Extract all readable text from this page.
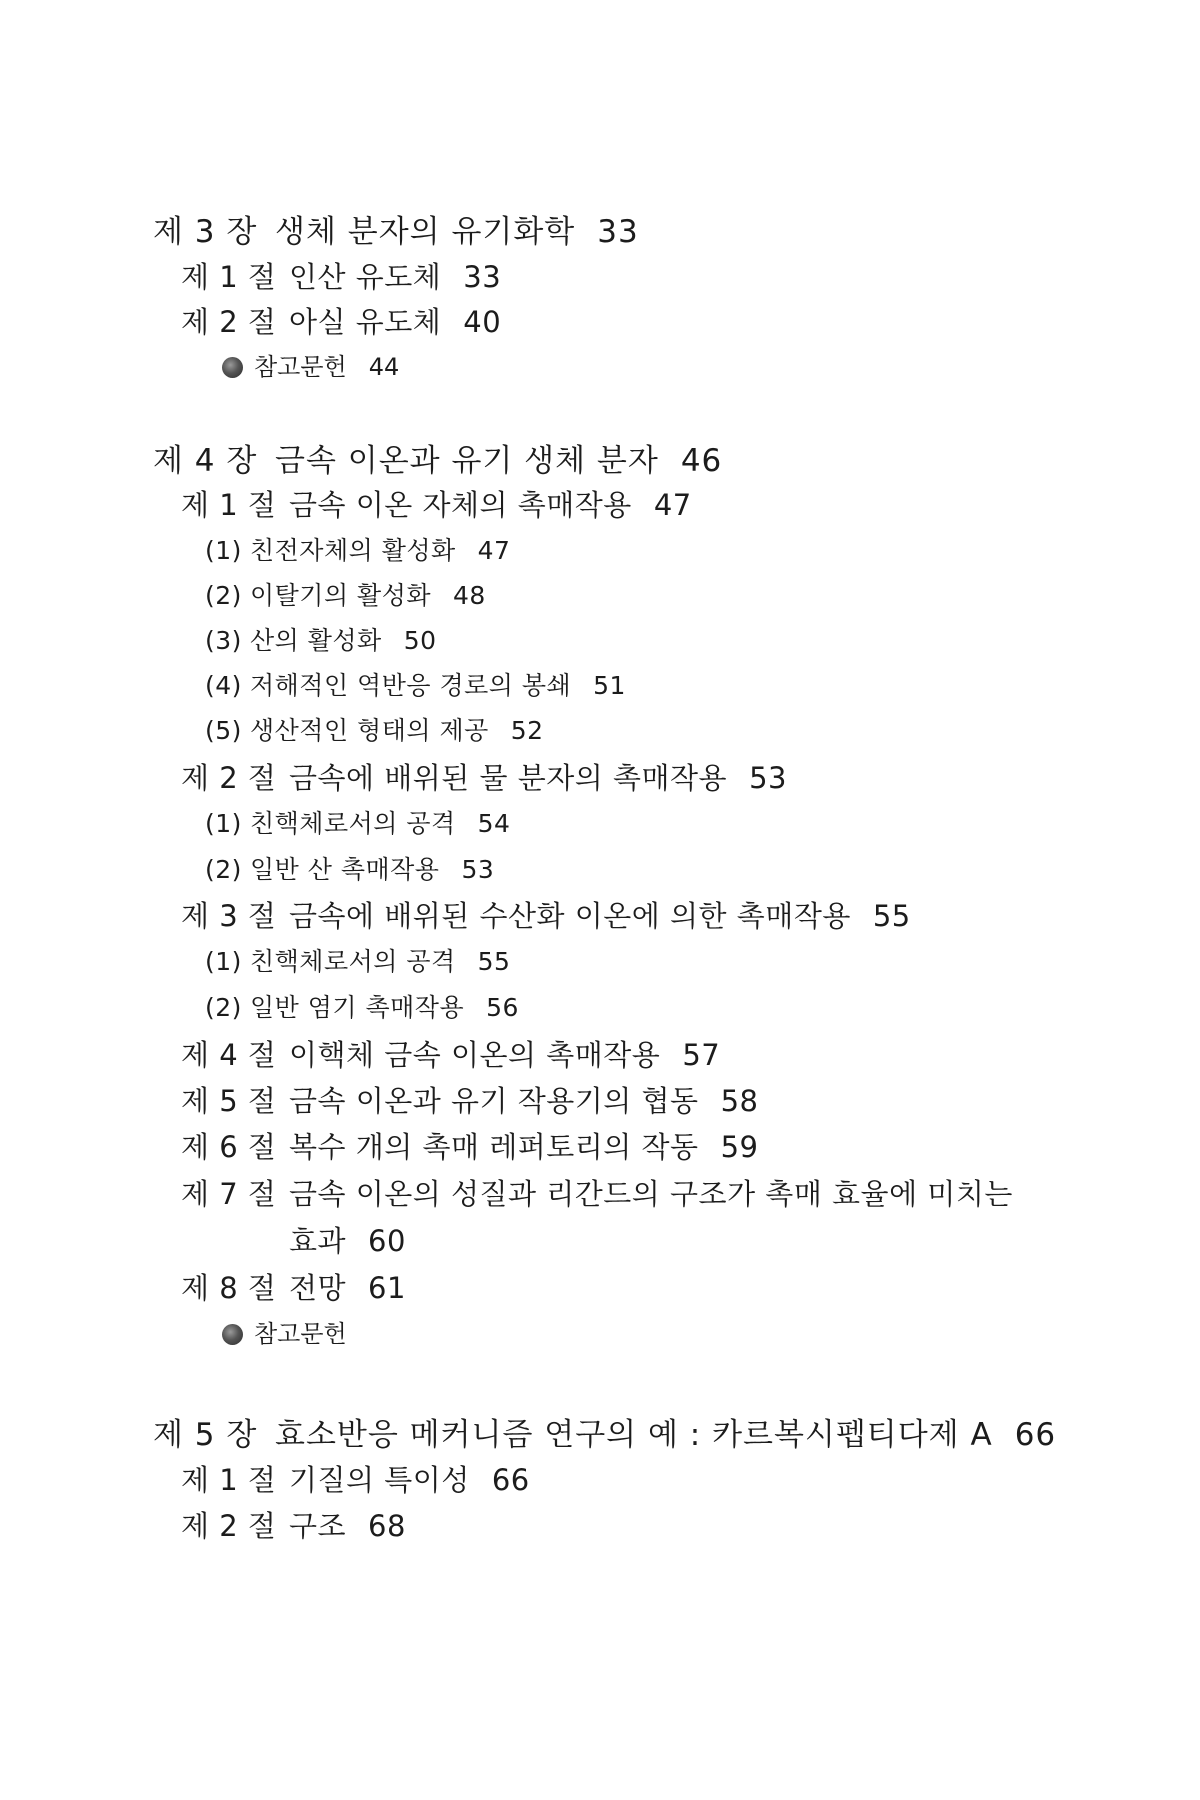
제 3 장 생체 분자의 유기화학 33
제 1 절 인산 유도체 33
제 2 절 아실 유도체 40
참고문헌 44
제 4 장 금속 이온과 유기 생체 분자 46
제 1 절 금속 이온 자체의 촉매작용 47
(1) 친전자체의 활성화 47
(2) 이탈기의 활성화 48
(3) 산의 활성화 50
(4) 저해적인 역반응 경로의 봉쇄 51
(5) 생산적인 형태의 제공 52
제 2 절 금속에 배위된 물 분자의 촉매작용 53
(1) 친핵체로서의 공격 54
(2) 일반 산 촉매작용 53
제 3 절 금속에 배위된 수산화 이온에 의한 촉매작용 55
(1) 친핵체로서의 공격 55
(2) 일반 염기 촉매작용 56
제 4 절 이핵체 금속 이온의 촉매작용 57
제 5 절 금속 이온과 유기 작용기의 협동 58
제 6 절 복수 개의 촉매 레퍼토리의 작동 59
제 7 절 금속 이온의 성질과 리간드의 구조가 촉매 효율에 미치는
효과 60
제 8 절 전망 61
참고문헌
제 5 장 효소반응 메커니즘 연구의 예 : 카르복시펩티다제 A 66
제 1 절 기질의 특이성 66
제 2 절 구조 68
